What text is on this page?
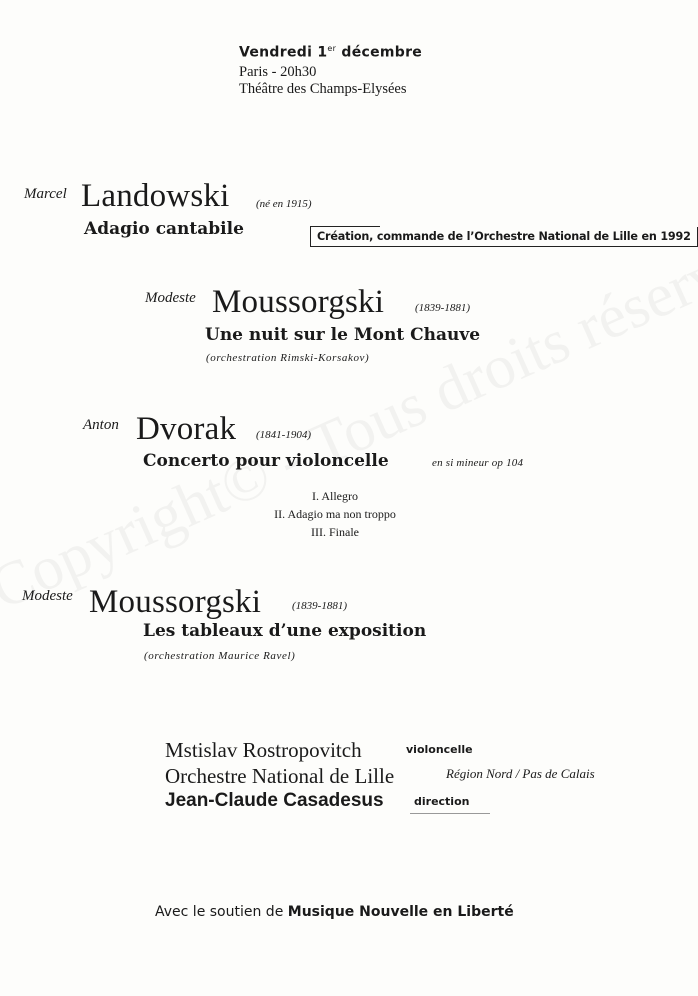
Vendredi 1er décembre
Paris - 20h30
Théâtre des Champs-Elysées
Marcel Landowski (né en 1915)
Adagio cantabile	Création, commande de l’Orchestre National de Lille en 1992
Modeste Moussorgski	(1839-1881)
Une nuit sur le Mont Chauve
(orchestration Rimski-Korsakov)
Anton Dvorak (1841-1904)
Concerto pour violoncelle	en si mineur op 104
I. Allegro
II. Adagio ma non troppo
III. Finale
Modeste Moussorgski	(1839-1881)
Les tableaux d’une exposition
(orchestration Maurice Ravel)
Mstislav Rostropovitch	violoncelle
Orchestre National de Lille	Région Nord / Pas de Calais
Jean-Claude Casadesus	direction
Avec le soutien de Musique Nouvelle en Liberté
